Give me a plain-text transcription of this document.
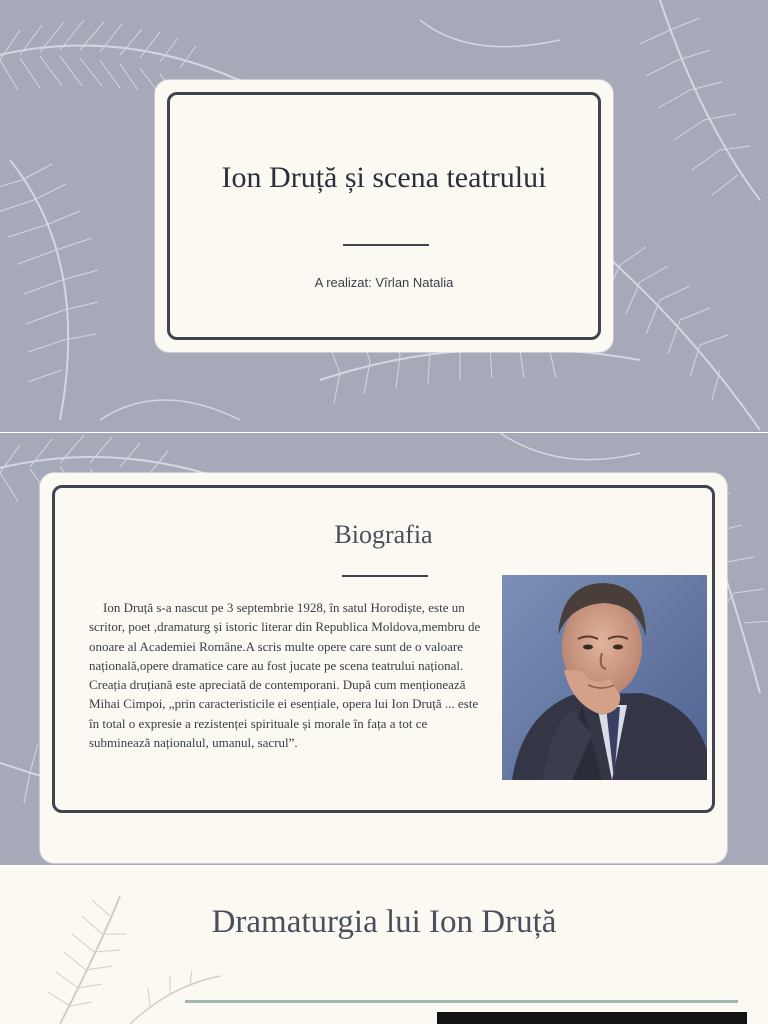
Ion Druță și scena teatrului
A realizat: Vîrlan Natalia
Biografia
Ion Druță s-a nascut pe 3 septembrie 1928, în satul Horodiște, este un scritor, poet ,dramaturg și istoric literar din Republica Moldova,membru de onoare al Academiei Române.A scris multe opere care sunt de o valoare națională,opere dramatice care au fost jucate pe scena teatrului național. Creația druțiană este apreciată de contemporani. După cum menționează Mihai Cimpoi, „prin caracteristicile ei esențiale, opera lui Ion Druță ... este în total o expresie a rezistenței spirituale și morale în fața a tot ce subminează naționalul, umanul, sacrul”.
Dramaturgia lui Ion Druță
